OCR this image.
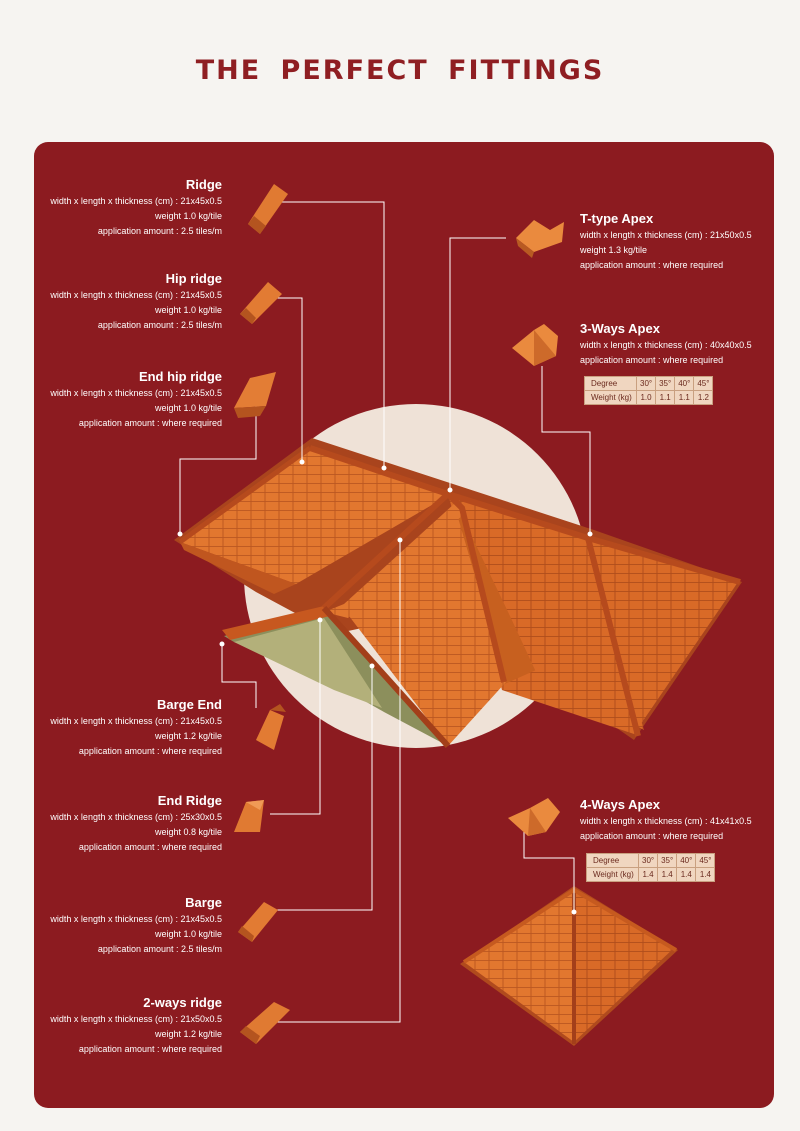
THE PERFECT FITTINGS
Ridge
width x length x thickness (cm) : 21x45x0.5
weight 1.0 kg/tile
application amount : 2.5 tiles/m
Hip ridge
width x length x thickness (cm) : 21x45x0.5
weight 1.0 kg/tile
application amount : 2.5 tiles/m
End hip ridge
width x length x thickness (cm) : 21x45x0.5
weight 1.0 kg/tile
application amount : where required
Barge End
width x length x thickness (cm) : 21x45x0.5
weight 1.2 kg/tile
application amount : where required
End Ridge
width x length x thickness (cm) : 25x30x0.5
weight 0.8 kg/tile
application amount : where required
Barge
width x length x thickness (cm) : 21x45x0.5
weight 1.0 kg/tile
application amount : 2.5 tiles/m
2-ways ridge
width x length x thickness (cm) : 21x50x0.5
weight 1.2 kg/tile
application amount : where required
T-type Apex
width x length x thickness (cm) : 21x50x0.5
weight 1.3 kg/tile
application amount : where required
3-Ways Apex
width x length x thickness (cm) : 40x40x0.5
application amount : where required
Degree	30°	35°	40°	45°
Weight (kg)	1.0	1.1	1.1	1.2
4-Ways Apex
width x length x thickness (cm) : 41x41x0.5
application amount : where required
Degree	30°	35°	40°	45°
Weight (kg)	1.4	1.4	1.4	1.4
